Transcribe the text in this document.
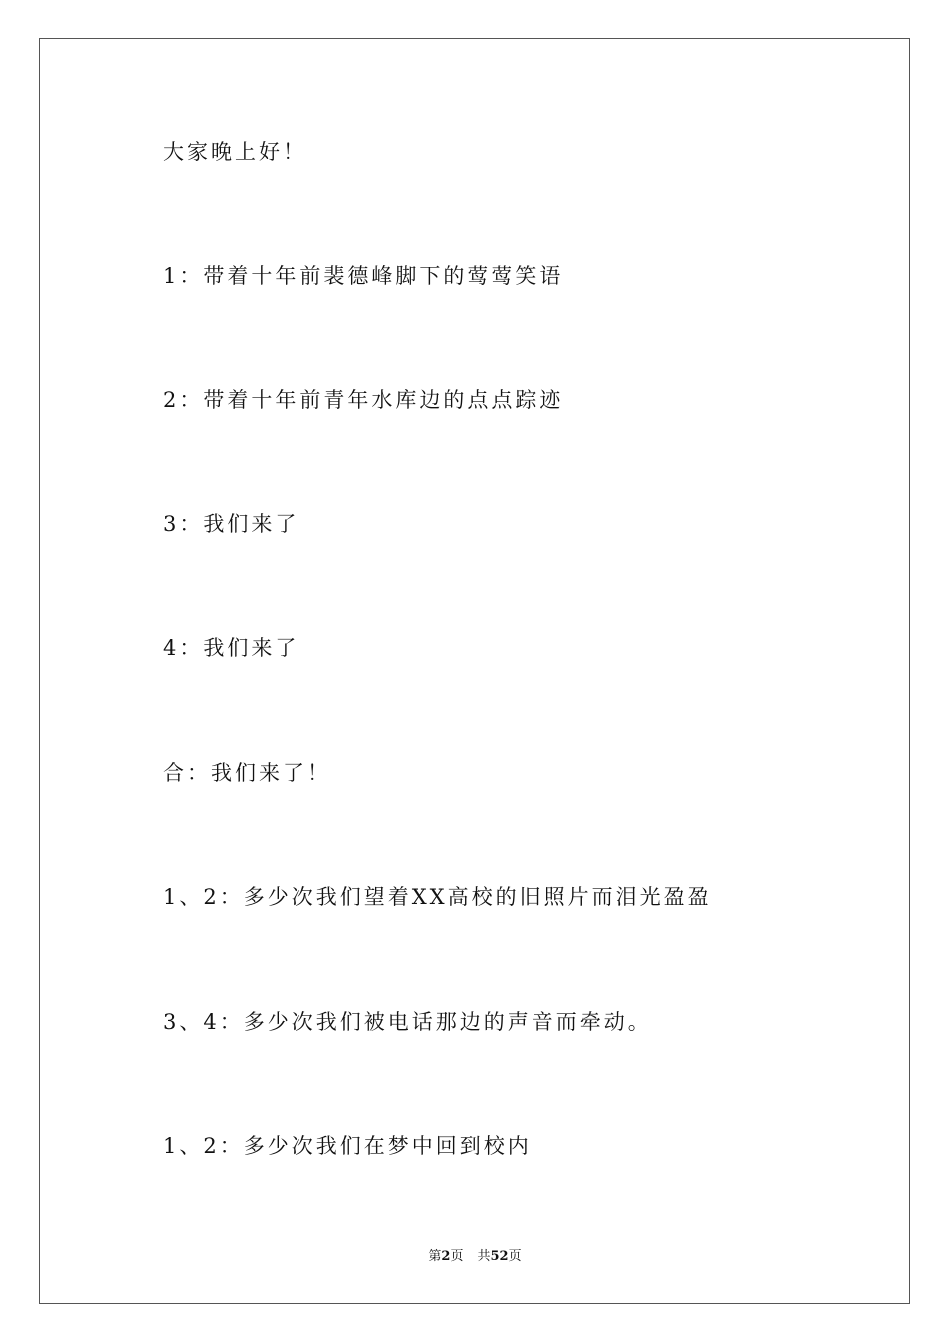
大家晚上好！
1：带着十年前裴德峰脚下的莺莺笑语
2：带着十年前青年水库边的点点踪迹
3：我们来了
4：我们来了
合：我们来了！
1、2：多少次我们望着XX高校的旧照片而泪光盈盈
3、4：多少次我们被电话那边的声音而牵动。
1、2：多少次我们在梦中回到校内
第2页 共52页
